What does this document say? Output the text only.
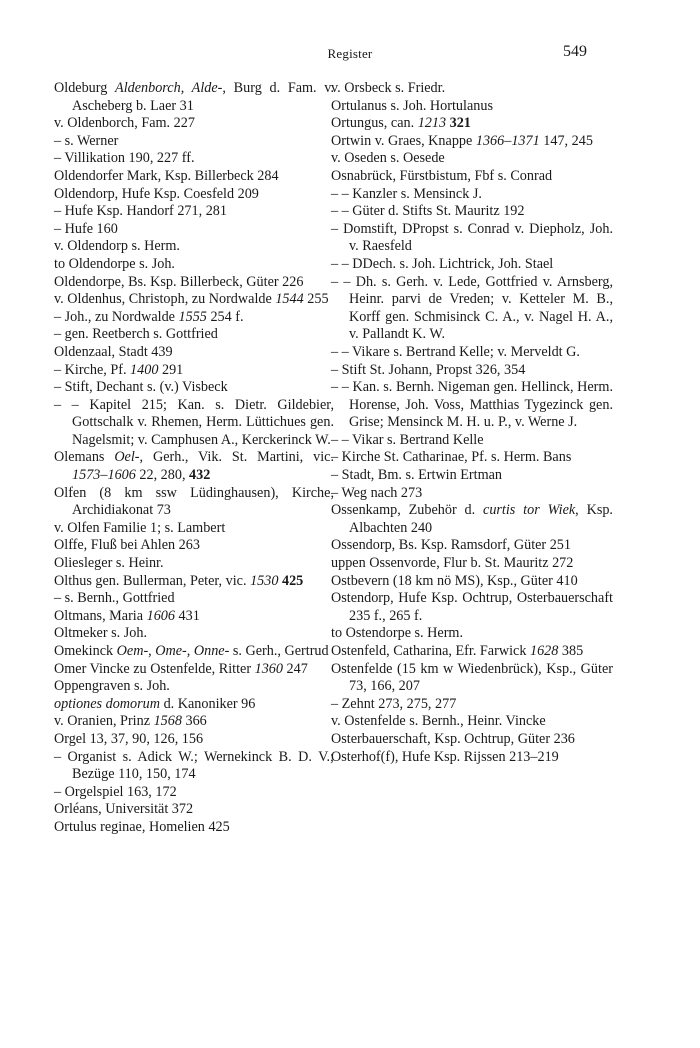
Register	549
Oldeburg Aldenborch, Alde-, Burg d. Fam. v. Ascheberg b. Laer 31
v. Oldenborch, Fam. 227
– s. Werner
– Villikation 190, 227 ff.
Oldendorfer Mark, Ksp. Billerbeck 284
Oldendorp, Hufe Ksp. Coesfeld 209
– Hufe Ksp. Handorf 271, 281
– Hufe 160
v. Oldendorp s. Herm.
to Oldendorpe s. Joh.
Oldendorpe, Bs. Ksp. Billerbeck, Güter 226
v. Oldenhus, Christoph, zu Nordwalde 1544 255
– Joh., zu Nordwalde 1555 254 f.
– gen. Reetberch s. Gottfried
Oldenzaal, Stadt 439
– Kirche, Pf. 1400 291
– Stift, Dechant s. (v.) Visbeck
– – Kapitel 215; Kan. s. Dietr. Gildebier, Gottschalk v. Rhemen, Herm. Lüttichues gen. Nagelsmit; v. Camphusen A., Kerckerinck W.
Olemans Oel-, Gerh., Vik. St. Martini, vic. 1573–1606 22, 280, 432
Olfen (8 km ssw Lüdinghausen), Kirche, Archidiakonat 73
v. Olfen Familie 1; s. Lambert
Olffe, Fluß bei Ahlen 263
Oliesleger s. Heinr.
Olthus gen. Bullerman, Peter, vic. 1530 425
– s. Bernh., Gottfried
Oltmans, Maria 1606 431
Oltmeker s. Joh.
Omekinck Oem-, Ome-, Onne- s. Gerh., Gertrud
Omer Vincke zu Ostenfelde, Ritter 1360 247
Oppengraven s. Joh.
optiones domorum d. Kanoniker 96
v. Oranien, Prinz 1568 366
Orgel 13, 37, 90, 126, 156
– Organist s. Adick W.; Wernekinck B. D. V.; Bezüge 110, 150, 174
– Orgelspiel 163, 172
Orléans, Universität 372
Ortulus reginae, Homelien 425
v. Orsbeck s. Friedr.
Ortulanus s. Joh. Hortulanus
Ortungus, can. 1213 321
Ortwin v. Graes, Knappe 1366–1371 147, 245
v. Oseden s. Oesede
Osnabrück, Fürstbistum, Fbf s. Conrad
– – Kanzler s. Mensinck J.
– – Güter d. Stifts St. Mauritz 192
– Domstift, DPropst s. Conrad v. Diepholz, Joh. v. Raesfeld
– – DDech. s. Joh. Lichtrick, Joh. Stael
– – Dh. s. Gerh. v. Lede, Gottfried v. Arnsberg, Heinr. parvi de Vreden; v. Ketteler M. B., Korff gen. Schmisinck C. A., v. Nagel H. A., v. Pallandt K. W.
– – Vikare s. Bertrand Kelle; v. Merveldt G.
– Stift St. Johann, Propst 326, 354
– – Kan. s. Bernh. Nigeman gen. Hellinck, Herm. Horense, Joh. Voss, Matthias Tygezinck gen. Grise; Mensinck M. H. u. P., v. Werne J.
– – Vikar s. Bertrand Kelle
– Kirche St. Catharinae, Pf. s. Herm. Bans
– Stadt, Bm. s. Ertwin Ertman
– Weg nach 273
Ossenkamp, Zubehör d. curtis tor Wiek, Ksp. Albachten 240
Ossendorp, Bs. Ksp. Ramsdorf, Güter 251
uppen Ossenvorde, Flur b. St. Mauritz 272
Ostbevern (18 km nö MS), Ksp., Güter 410
Ostendorp, Hufe Ksp. Ochtrup, Osterbauerschaft 235 f., 265 f.
to Ostendorpe s. Herm.
Ostenfeld, Catharina, Efr. Farwick 1628 385
Ostenfelde (15 km w Wiedenbrück), Ksp., Güter 73, 166, 207
– Zehnt 273, 275, 277
v. Ostenfelde s. Bernh., Heinr. Vincke
Osterbauerschaft, Ksp. Ochtrup, Güter 236
Osterhof(f), Hufe Ksp. Rijssen 213–219
